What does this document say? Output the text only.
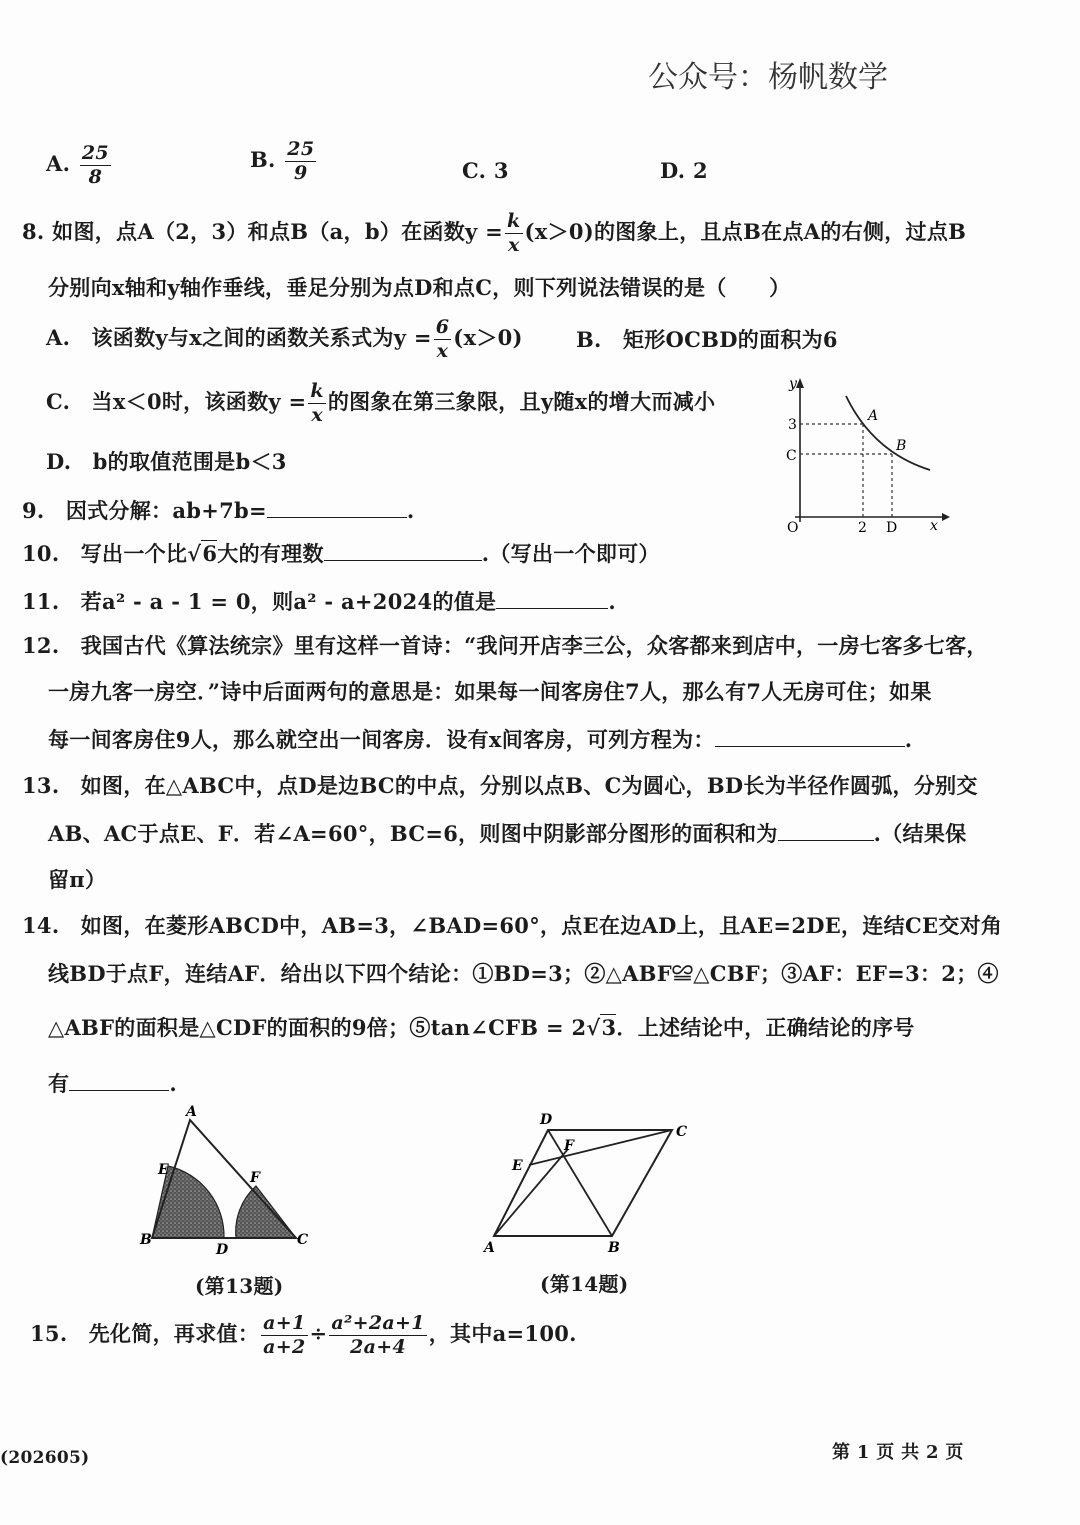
公众号：杨帆数学
A. $\frac{25}{8}$	B. $\frac{25}{9}$	C. 3	D. 2
8. 如图，点A（2，3）和点B（a，b）在函数$y = \frac{k}{x} (x>0)$的图象上，且点B在点A的右侧，过点B
分别向x轴和y轴作垂线，垂足分别为点D和点C，则下列说法错误的是（　　）
A.　该函数y与x之间的函数关系式为$y = \frac{6}{x} (x>0)$	B.　矩形OCBD的面积为6
C.　当x＜0时，该函数$y = \frac{k}{x}$ 的图象在第三象限，且y随x的增大而减小
D.　b的取值范围是b＜3
y
x
O
3
C
2 D
A
B
9.　因式分解：ab+7b=	.
10.　写出一个比√6大的有理数	.（写出一个即可）
11.　若a² - a - 1 = 0，则a² - a+2024的值是	.
12.　我国古代《算法统宗》里有这样一首诗：“我问开店李三公，众客都来到店中，一房七客多七客，
一房九客一房空．”诗中后面两句的意思是：如果每一间客房住7人，那么有7人无房可住；如果
每一间客房住9人，那么就空出一间客房．设有x间客房，可列方程为：	.
13.　如图，在△ABC中，点D是边BC的中点，分别以点B、C为圆心，BD长为半径作圆弧，分别交
AB、AC于点E、F．若∠A=60°，BC=6，则图中阴影部分图形的面积和为	.（结果保
留π）
14.　如图，在菱形ABCD中，AB=3，∠BAD=60°，点E在边AD上，且AE=2DE，连结CE交对角
线BD于点F，连结AF．给出以下四个结论：①BD=3；②△ABF≌△CBF；③AF：EF=3：2；④
△ABF的面积是△CDF的面积的9倍；⑤tan∠CFB = 2√3．上述结论中，正确结论的序号
有	.
A
B	C
D
E	F
(第13题)
A	B
C
D
E
F
(第14题)
15.　先化简，再求值： $\frac{a+1}{a+2} \div \frac{\text{a²+2a+1}}{2a+4}$ ，其中a=100.
(202605)	第 1 页 共 2 页
